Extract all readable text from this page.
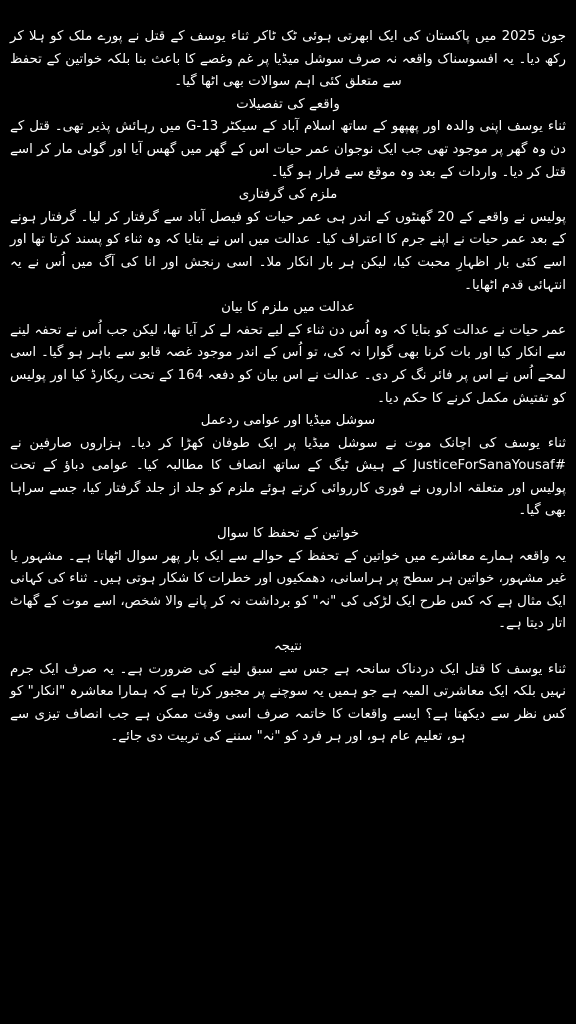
جون 2025 میں پاکستان کی ایک ابھرتی ہوئی ٹک ٹاکر ثناء یوسف کے قتل نے پورے ملک کو ہلا کر رکھ دیا۔ یہ افسوسناک واقعہ نہ صرف سوشل میڈیا پر غم وغصے کا باعث بنا بلکہ خواتین کے تحفظ سے متعلق کئی اہم سوالات بھی اٹھا گیا۔

واقعے کی تفصیلات

ثناء یوسف اپنی والدہ اور پھپھو کے ساتھ اسلام آباد کے سیکٹر G-13 میں رہائش پذیر تھی۔ قتل کے دن وہ گھر پر موجود تھی جب ایک نوجوان عمر حیات اس کے گھر میں گھس آیا اور گولی مار کر اسے قتل کر دیا۔ واردات کے بعد وہ موقع سے فرار ہو گیا۔

ملزم کی گرفتاری

پولیس نے واقعے کے 20 گھنٹوں کے اندر ہی عمر حیات کو فیصل آباد سے گرفتار کر لیا۔ گرفتار ہونے کے بعد عمر حیات نے اپنے جرم کا اعتراف کیا۔ عدالت میں اس نے بتایا کہ وہ ثناء کو پسند کرتا تھا اور اسے کئی بار اظہارِ محبت کیا، لیکن ہر بار انکار ملا۔ اسی رنجش اور انا کی آگ میں اُس نے یہ انتہائی قدم اٹھایا۔

عدالت میں ملزم کا بیان

عمر حیات نے عدالت کو بتایا کہ وہ اُس دن ثناء کے لیے تحفہ لے کر آیا تھا، لیکن جب اُس نے تحفہ لینے سے انکار کیا اور بات کرنا بھی گوارا نہ کی، تو اُس کے اندر موجود غصہ قابو سے باہر ہو گیا۔ اسی لمحے اُس نے اس پر فائر نگ کر دی۔ عدالت نے اس بیان کو دفعہ 164 کے تحت ریکارڈ کیا اور پولیس کو تفتیش مکمل کرنے کا حکم دیا۔

سوشل میڈیا اور عوامی ردعمل

ثناء یوسف کی اچانک موت نے سوشل میڈیا پر ایک طوفان کھڑا کر دیا۔ ہزاروں صارفین نے #JusticeForSanaYousaf کے ہیش ٹیگ کے ساتھ انصاف کا مطالبہ کیا۔ عوامی دباؤ کے تحت پولیس اور متعلقہ اداروں نے فوری کارروائی کرتے ہوئے ملزم کو جلد از جلد گرفتار کیا، جسے سراہا بھی گیا۔

خواتین کے تحفظ کا سوال

یہ واقعہ ہمارے معاشرے میں خواتین کے تحفظ کے حوالے سے ایک بار پھر سوال اٹھاتا ہے۔ مشہور یا غیر مشہور، خواتین ہر سطح پر ہراسانی، دھمکیوں اور خطرات کا شکار ہوتی ہیں۔ ثناء کی کہانی ایک مثال ہے کہ کس طرح ایک لڑکی کی "نہ" کو برداشت نہ کر پانے والا شخص، اسے موت کے گھاٹ اتار دیتا ہے۔

نتیجہ

ثناء یوسف کا قتل ایک دردناک سانحہ ہے جس سے سبق لینے کی ضرورت ہے۔ یہ صرف ایک جرم نہیں بلکہ ایک معاشرتی المیہ ہے جو ہمیں یہ سوچنے پر مجبور کرتا ہے کہ ہمارا معاشرہ "انکار" کو کس نظر سے دیکھتا ہے؟ ایسے واقعات کا خاتمہ صرف اسی وقت ممکن ہے جب انصاف تیزی سے ہو، تعلیم عام ہو، اور ہر فرد کو "نہ" سننے کی تربیت دی جائے۔
